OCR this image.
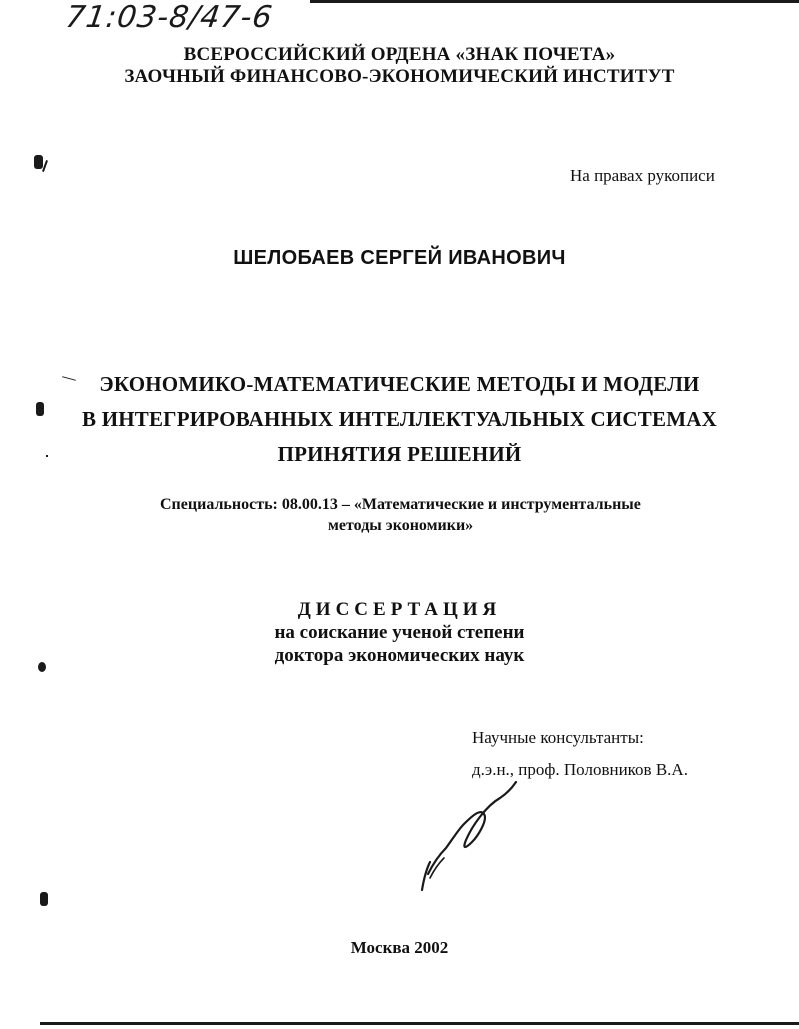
71:03-8/47-6
ВСЕРОССИЙСКИЙ ОРДЕНА «ЗНАК ПОЧЕТА»
ЗАОЧНЫЙ ФИНАНСОВО-ЭКОНОМИЧЕСКИЙ ИНСТИТУТ
На правах рукописи
ШЕЛОБАЕВ СЕРГЕЙ ИВАНОВИЧ
ЭКОНОМИКО-МАТЕМАТИЧЕСКИЕ МЕТОДЫ И МОДЕЛИ
В ИНТЕГРИРОВАННЫХ ИНТЕЛЛЕКТУАЛЬНЫХ СИСТЕМАХ
ПРИНЯТИЯ РЕШЕНИЙ
Специальность: 08.00.13 – «Математические и инструментальные
методы экономики»
ДИССЕРТАЦИЯ
на соискание ученой степени
доктора экономических наук
Научные консультанты:
д.э.н., проф. Половников В.А.
Москва 2002
